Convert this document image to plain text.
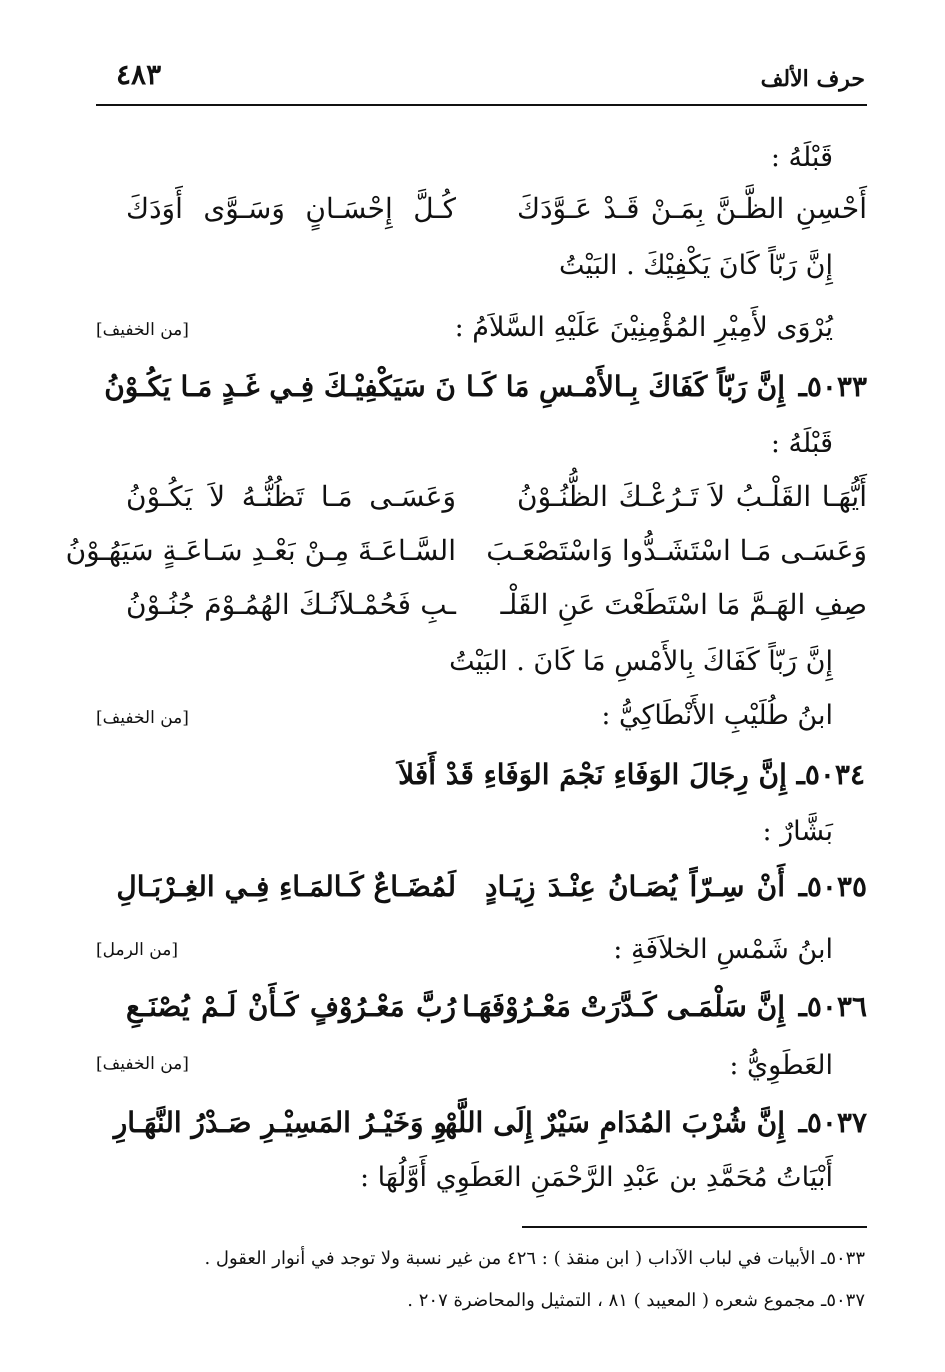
حرف الألف
٤٨٣
قَبْلَهُ :
أَحْسِنِ الظَّـنَّ بِمَـنْ قَـدْ عَـوَّدَكَ
كُـلَّ إِحْسَـانٍ وَسَـوَّى أَوَدَكَ
إِنَّ رَبّاً كَانَ يَكْفِيْكَ . البَيْتُ
يُرْوَى لأَمِيْرِ المُؤْمِنِيْنَ عَلَيْهِ السَّلاَمُ :
[من الخفيف]
٥٠٣٣ـ
إِنَّ رَبّاً كَفَاكَ بِـالأَمْـسِ مَا كَـا
نَ سَيَكْفِيْـكَ فِـي غَـدٍ مَـا يَكُـوْنُ
قَبْلَهُ :
أَيُّهَـا القَلْـبُ لاَ تَـرُعْـكَ الظُّنُـوْنُ
وَعَسَـى مَـا تَظُنُّـهُ لاَ يَكُـوْنُ
وَعَسَـى مَـا اسْتَشَـدُّوا وَاسْتَصْعَـبَ
السَّـاعَـةَ مِـنْ بَعْـدِ سَـاعَـةٍ سَيَهُـوْنُ
صِفِ الهَـمَّ مَا اسْتَطَعْتَ عَنِ القَلْـ
ـبِ فَحُمْـلاَنُـكَ الهُمُـوْمَ جُنُـوْنُ
إِنَّ رَبّاً كَفَاكَ بِالأَمْسِ مَا كَانَ . البَيْتُ
ابنُ طُلَيْبِ الأَنْطَاكِيُّ :
[من الخفيف]
٥٠٣٤ـ إِنَّ رِجَالَ الوَفَاءِ نَجْمَ الوَفَاءِ قَدْ أَفَلاَ
بَشَّارٌ :
٥٠٣٥ـ
أَنْ سِـرّاً يُصَـانُ عِنْـدَ زِيَـادٍ
لَمُضَـاعٌ كَـالمَـاءِ فِـي الغِـرْبَـالِ
ابنُ شَمْسِ الخلاَفَةِ :
[من الرمل]
٥٠٣٦ـ
إِنَّ سَلْمَـى كَـدَّرَتْ مَعْـرُوْفَهَـا
رُبَّ مَعْـرُوْفٍ كَـأَنْ لَـمْ يُصْنَـعِ
العَطَوِيُّ :
[من الخفيف]
٥٠٣٧ـ
إِنَّ شُرْبَ المُدَامِ سَيْرٌ إِلَى اللَّهْـ
ـوِ وَخَيْـرُ المَسِيْـرِ صَـدْرُ النَّهَـارِ
أَبْيَاتُ مُحَمَّدِ بن عَبْدِ الرَّحْمَنِ العَطَوِي أَوَّلُهَا :
٥٠٣٣ـ الأبيات في لباب الآداب ( ابن منقذ ) : ٤٢٦ من غير نسبة ولا توجد في أنوار العقول .
٥٠٣٧ـ مجموع شعره ( المعيبد ) ٨١ ، التمثيل والمحاضرة ٢٠٧ .
